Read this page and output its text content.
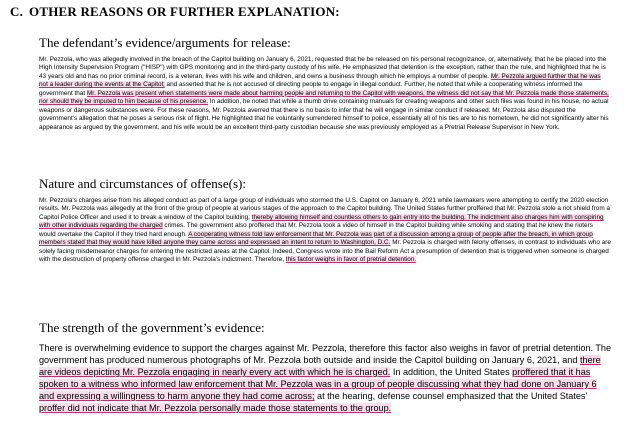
C. OTHER REASONS OR FURTHER EXPLANATION:
The defendant’s evidence/arguments for release:

Mr. Pezzola, who was allegedly involved in the breach of the Capitol building on January 6, 2021, requested that he be released on his personal recognizance, or, alternatively, that he be placed into the High Intensity Supervision Program ("HISP") with GPS monitoring and in the third-party custody of his wife. He emphasized that detention is the exception, rather than the rule, and highlighted that he is 43 years old and has no prior criminal record, is a veteran, lives with his wife and children, and owns a business through which he employs a number of people. Mr. Pezzola argued further that he was not a leader during the events at the Capitol; and asserted that he is not accused of directing people to engage in illegal conduct. Further, he noted that while a cooperating witness informed the government that Mr. Pezzola was present when statements were made about harming people and returning to the Capitol with weapons, the witness did not say that Mr. Pezzola made those statements, nor should they be imputed to him because of his presence. In addition, he noted that while a thumb drive containing manuals for creating weapons and other such files was found in his house, no actual weapons or dangerous substances were. For these reasons, Mr. Pezzola averred that there is no basis to infer that he will engage in similar conduct if released. Mr. Pezzola also disputed the government's allegation that he poses a serious risk of flight. He highlighted that he voluntarily surrendered himself to police, essentially all of his ties are to his hometown, he did not significantly alter his appearance as argued by the government, and his wife would be an excellent third-party custodian because she was previously employed as a Pretrial Release Supervisor in New York.

Nature and circumstances of offense(s):

Mr. Pezzola's charges arise from his alleged conduct as part of a large group of individuals who stormed the U.S. Capitol on January 6, 2021 while lawmakers were attempting to certify the 2020 election results. Mr. Pezzola was allegedly at the front of the group of people at various stages of the approach to the Capitol building. The United States further proffered that Mr. Pezzola stole a riot shield from a Capitol Police Officer and used it to break a window of the Capitol building, thereby allowing himself and countless others to gain entry into the building. The indictment also charges him with conspiring with other individuals regarding the charged crimes. The government also proffered that Mr. Pezzola took a video of himself in the Capitol building while smoking and stating that he knew the rioters would overtake the Capitol if they tried hard enough. A cooperating witness told law enforcement that Mr. Pezzola was part of a discussion among a group of people after the breach, in which group members stated that they would have killed anyone they came across and expressed an intent to return to Washington, D.C. Mr. Pezzola is charged with felony offenses, in contrast to individuals who are solely facing misdemeanor charges for entering the restricted areas at the Capitol. Indeed, Congress wrote into the Bail Reform Act a presumption of detention that is triggered when someone is charged with the destruction of property offense charged in Mr. Pezzola's indictment. Therefore, this factor weighs in favor of pretrial detention.

The strength of the government’s evidence:

There is overwhelming evidence to support the charges against Mr. Pezzola, therefore this factor also weighs in favor of pretrial detention. The government has produced numerous photographs of Mr. Pezzola both outside and inside the Capitol building on January 6, 2021, and there are videos depicting Mr. Pezzola engaging in nearly every act with which he is charged. In addition, the United States proffered that it has spoken to a witness who informed law enforcement that Mr. Pezzola was in a group of people discussing what they had done on January 6 and expressing a willingness to harm anyone they had come across; at the hearing, defense counsel emphasized that the United States' proffer did not indicate that Mr. Pezzola personally made those statements to the group.
